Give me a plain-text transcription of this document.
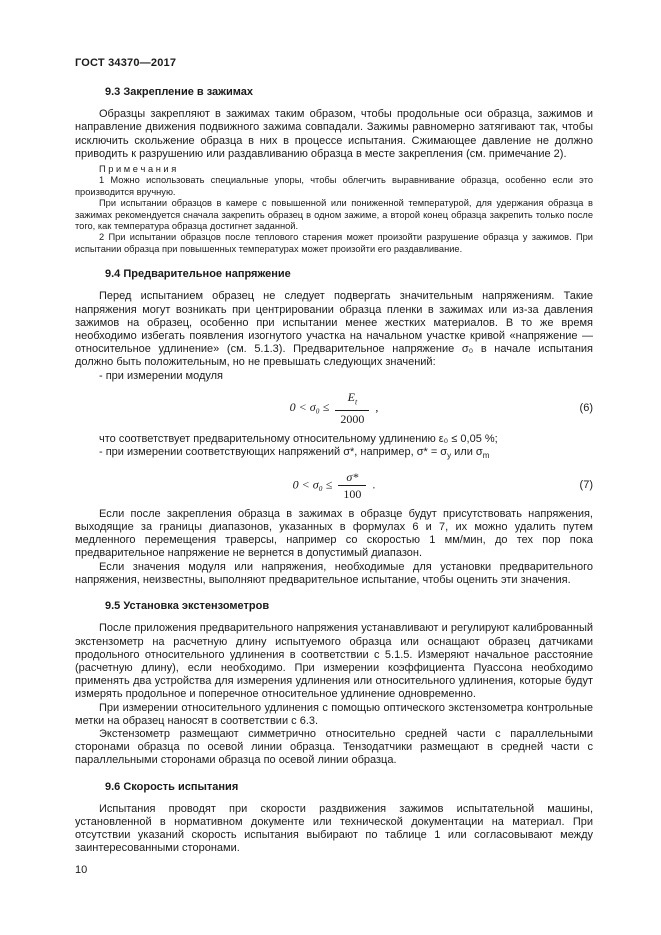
ГОСТ 34370—2017

9.3 Закрепление в зажимах

Образцы закрепляют в зажимах таким образом, чтобы продольные оси образца, зажимов и направление движения подвижного зажима совпадали. Зажимы равномерно затягивают так, чтобы исключить скольжение образца в них в процессе испытания. Сжимающее давление не должно приводить к разрушению или раздавливанию образца в месте закрепления (см. примечание 2).

П р и м е ч а н и я

1 Можно использовать специальные упоры, чтобы облегчить выравнивание образца, особенно если это производится вручную.

При испытании образцов в камере с повышенной или пониженной температурой, для удержания образца в зажимах рекомендуется сначала закрепить образец в одном зажиме, а второй конец образца закрепить только после того, как температура образца достигнет заданной.

2 При испытании образцов после теплового старения может произойти разрушение образца у зажимов. При испытании образца при повышенных температурах может произойти его раздавливание.

9.4 Предварительное напряжение

Перед испытанием образец не следует подвергать значительным напряжениям. Такие напряжения могут возникать при центрировании образца пленки в зажимах или из-за давления зажимов на образец, особенно при испытании менее жестких материалов. В то же время необходимо избегать появления изогнутого участка на начальном участке кривой «напряжение — относительное удлинение» (см. 5.1.3). Предварительное напряжение σ₀ в начале испытания должно быть положительным, но не превышать следующих значений:

- при измерении модуля

$0 < \sigma_0 \le \frac{E_t}{2000}$ ,	(6)

что соответствует предварительному относительному удлинению ε₀ ≤ 0,05 %;

- при измерении соответствующих напряжений σ*, например, $\sigma* = \sigma_y$ или $\sigma_m$

$0 < \sigma_0 \le \frac{\sigma*}{100}$ .	(7)

Если после закрепления образца в зажимах в образце будут присутствовать напряжения, выходящие за границы диапазонов, указанных в формулах 6 и 7, их можно удалить путем медленного перемещения траверсы, например со скоростью 1 мм/мин, до тех пор пока предварительное напряжение не вернется в допустимый диапазон.

Если значения модуля или напряжения, необходимые для установки предварительного напряжения, неизвестны, выполняют предварительное испытание, чтобы оценить эти значения.

9.5 Установка экстензометров

После приложения предварительного напряжения устанавливают и регулируют калиброванный экстензометр на расчетную длину испытуемого образца или оснащают образец датчиками продольного относительного удлинения в соответствии с 5.1.5. Измеряют начальное расстояние (расчетную длину), если необходимо. При измерении коэффициента Пуассона необходимо применять два устройства для измерения удлинения или относительного удлинения, которые будут измерять продольное и поперечное относительное удлинение одновременно.

При измерении относительного удлинения с помощью оптического экстензометра контрольные метки на образец наносят в соответствии с 6.3.

Экстензометр размещают симметрично относительно средней части с параллельными сторонами образца по осевой линии образца. Тензодатчики размещают в средней части с параллельными сторонами образца по осевой линии образца.

9.6 Скорость испытания

Испытания проводят при скорости раздвижения зажимов испытательной машины, установленной в нормативном документе или технической документации на материал. При отсутствии указаний скорость испытания выбирают по таблице 1 или согласовывают между заинтересованными сторонами.

10
